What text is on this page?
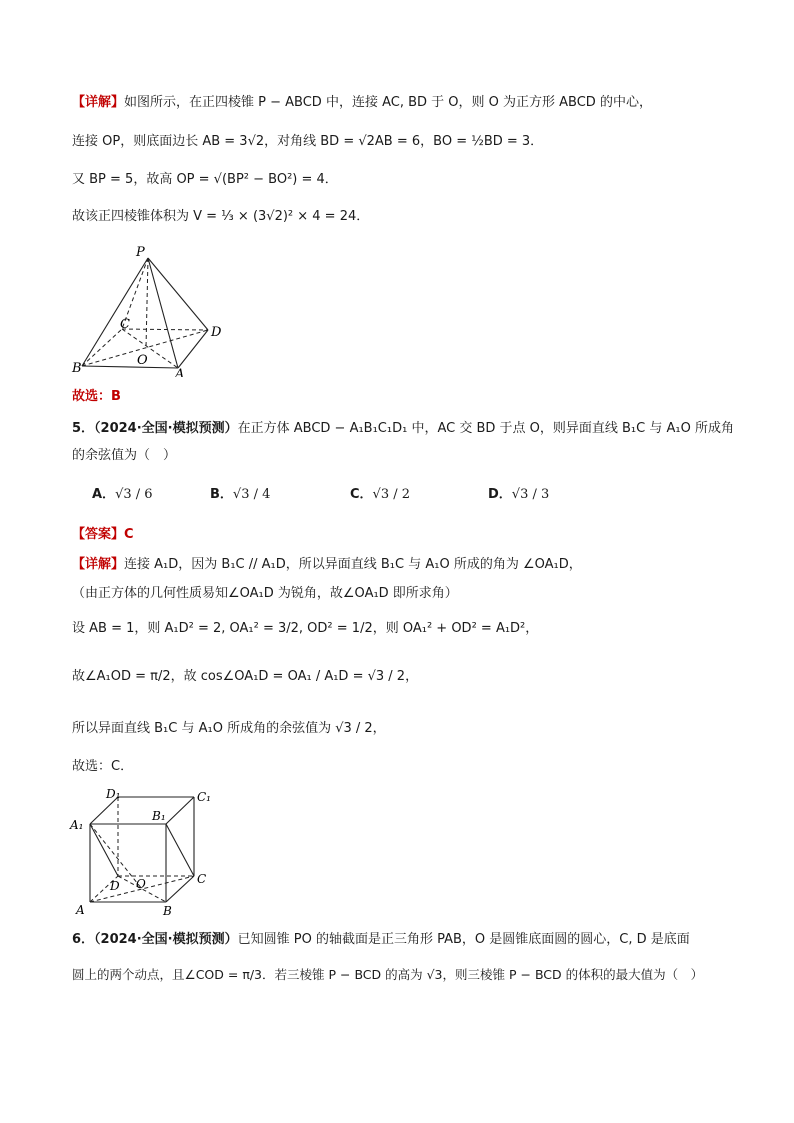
【详解】如图所示，在正四棱锥 P − ABCD 中，连接 AC, BD 于 O，则 O 为正方形 ABCD 的中心，
连接 OP，则底面边长 AB = 3√2，对角线 BD = √2AB = 6，BO = ½BD = 3．
又 BP = 5，故高 OP = √(BP² − BO²) = 4．
故该正四棱锥体积为 V = ⅓ × (3√2)² × 4 = 24．
P
C
D
O
B	A
故选：B
5．（2024·全国·模拟预测）在正方体 ABCD − A₁B₁C₁D₁ 中，AC 交 BD 于点 O，则异面直线 B₁C 与 A₁O 所成角
的余弦值为（　）
A．√3 / 6	B．√3 / 4	C．√3 / 2	D．√3 / 3
【答案】C
【详解】连接 A₁D，因为 B₁C // A₁D，所以异面直线 B₁C 与 A₁O 所成的角为 ∠OA₁D，
（由正方体的几何性质易知∠OA₁D 为锐角，故∠OA₁D 即所求角）
设 AB = 1，则 A₁D² = 2, OA₁² = 3/2, OD² = 1/2，则 OA₁² + OD² = A₁D²，
故∠A₁OD = π/2，故 cos∠OA₁D = OA₁ / A₁D = √3 / 2，
所以异面直线 B₁C 与 A₁O 所成角的余弦值为 √3 / 2，
故选：C．
D₁	C₁
A₁
B₁
D O	C
A	B
6．（2024·全国·模拟预测）已知圆锥 PO 的轴截面是正三角形 PAB，O 是圆锥底面圆的圆心，C, D 是底面
圆上的两个动点，且∠COD = π/3．若三棱锥 P − BCD 的高为 √3，则三棱锥 P − BCD 的体积的最大值为（　）
